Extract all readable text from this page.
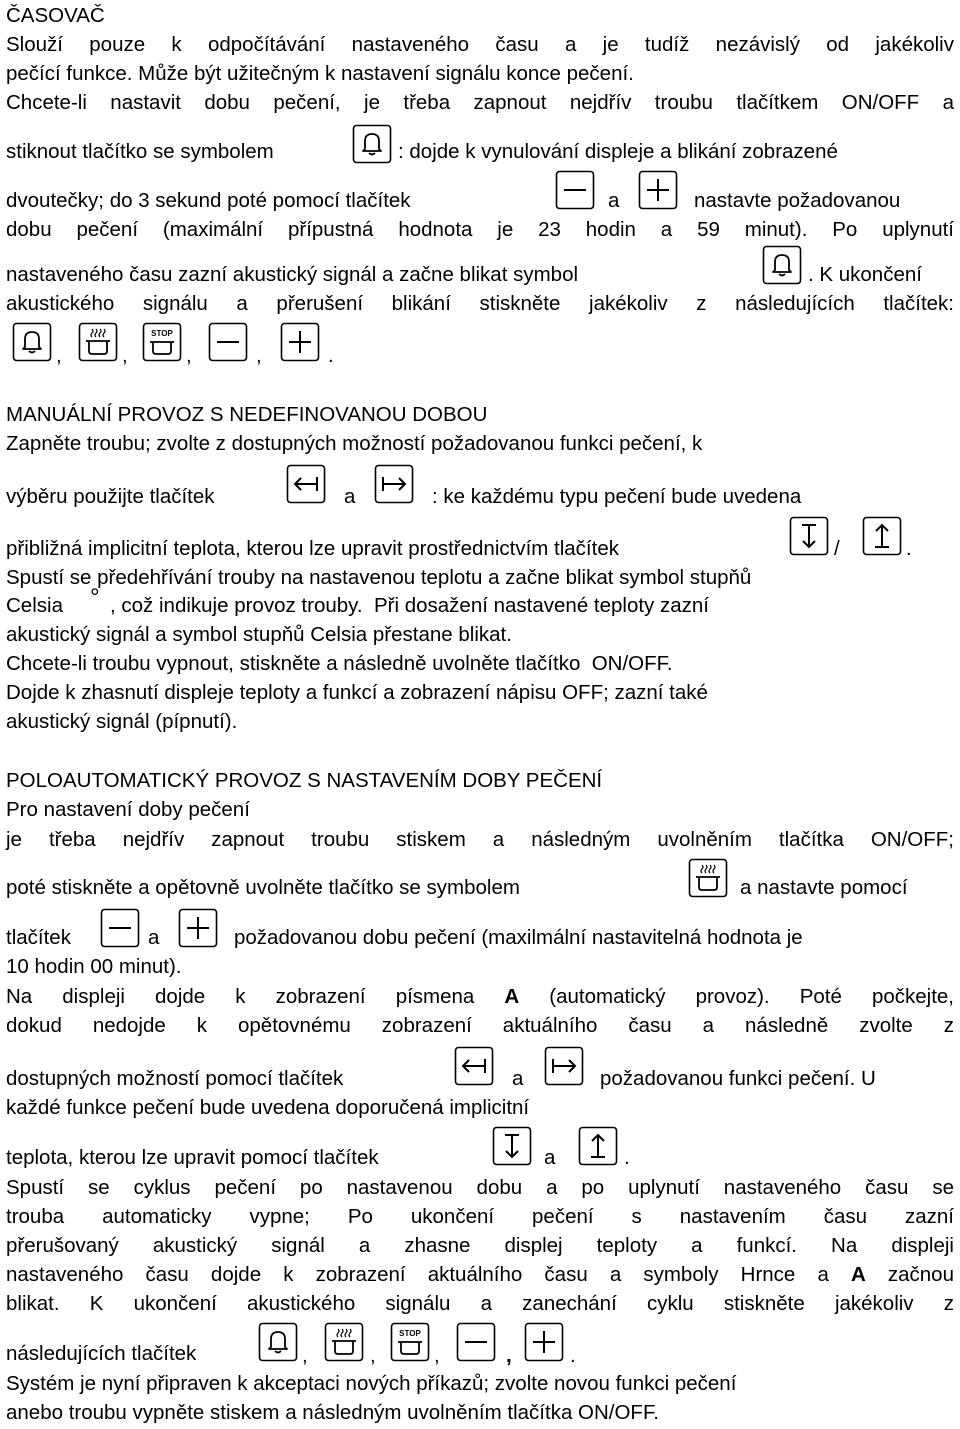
ČASOVAČ
Slouží pouze k odpočítávání nastaveného času a je tudíž nezávislý od jakékoliv
pečící funkce. Může být užitečným k nastavení signálu konce pečení.
Chcete-li nastavit dobu pečení, je třeba zapnout nejdřív troubu tlačítkem ON/OFF a
stiknout tlačítko se symbolem	: dojde k vynulování displeje a blikání zobrazené
dvoutečky; do 3 sekund poté pomocí tlačítek	a	nastavte požadovanou
dobu pečení (maximální přípustná hodnota je 23 hodin a 59 minut). Po uplynutí
nastaveného času zazní akustický signál a začne blikat symbol	. K ukončení
akustického signálu a přerušení blikání stiskněte jakékoliv z následujících tlačítek:
,	,
STOP
,	,	.
MANUÁLNÍ PROVOZ S NEDEFINOVANOU DOBOU
Zapněte troubu; zvolte z dostupných možností požadovanou funkci pečení, k
výběru použijte tlačítek	a	: ke každému typu pečení bude uvedena
přibližná implicitní teplota, kterou lze upravit prostřednictvím tlačítek	/	.
Spustí se předehřívání trouby na nastavenou teplotu a začne blikat symbol stupňů
Celsia ° , což indikuje provoz trouby.  Při dosažení nastavené teploty zazní
akustický signál a symbol stupňů Celsia přestane blikat.
Chcete-li troubu vypnout, stiskněte a následně uvolněte tlačítko  ON/OFF.
Dojde k zhasnutí displeje teploty a funkcí a zobrazení nápisu OFF; zazní také
akustický signál (pípnutí).
POLOAUTOMATICKÝ PROVOZ S NASTAVENÍM DOBY PEČENÍ
Pro nastavení doby pečení
je třeba nejdřív zapnout troubu stiskem a následným uvolněním tlačítka ON/OFF;
poté stiskněte a opětovně uvolněte tlačítko se symbolem	a nastavte pomocí
tlačítek	a	požadovanou dobu pečení (maxilmální nastavitelná hodnota je
10 hodin 00 minut).
Na displeji dojde k zobrazení písmena A (automatický provoz). Poté počkejte,
dokud nedojde k opětovnému zobrazení aktuálního času a následně zvolte z
dostupných možností pomocí tlačítek	a	požadovanou funkci pečení. U
každé funkce pečení bude uvedena doporučená implicitní
teplota, kterou lze upravit pomocí tlačítek	a	.
Spustí se cyklus pečení po nastavenou dobu a po uplynutí nastaveného času se
trouba automaticky vypne; Po ukončení pečení s nastavením času zazní
přerušovaný akustický signál a zhasne displej teploty a funkcí. Na displeji
nastaveného času dojde k zobrazení aktuálního času a symboly Hrnce a A začnou
blikat. K ukončení akustického signálu a zanechání cyklu stiskněte jakékoliv z
následujících tlačítek	,	,
STOP
,	,	.
Systém je nyní připraven k akceptaci nových příkazů; zvolte novou funkci pečení
anebo troubu vypněte stiskem a následným uvolněním tlačítka ON/OFF.
